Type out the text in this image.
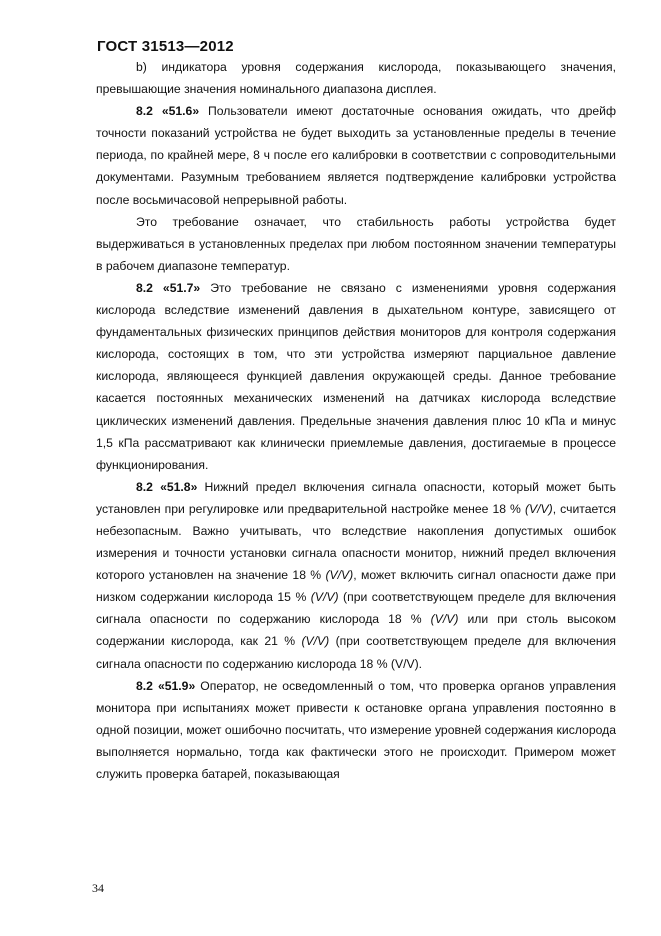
ГОСТ 31513—2012

b) индикатора уровня содержания кислорода, показывающего значения, превышающие значения номинального диапазона дисплея.

8.2 «51.6» Пользователи имеют достаточные основания ожидать, что дрейф точности показаний устройства не будет выходить за установленные пределы в течение периода, по крайней мере, 8 ч после его калибровки в соответствии с сопроводительными документами. Разумным требованием является подтверждение калибровки устройства после восьмичасовой непрерывной работы.

Это требование означает, что стабильность работы устройства будет выдерживаться в установленных пределах при любом постоянном значении температуры в рабочем диапазоне температур.

8.2 «51.7» Это требование не связано с изменениями уровня содержания кислорода вследствие изменений давления в дыхательном контуре, зависящего от фундаментальных физических принципов действия мониторов для контроля содержания кислорода, состоящих в том, что эти устройства измеряют парциальное давление кислорода, являющееся функцией давления окружающей среды. Данное требование касается постоянных механических изменений на датчиках кислорода вследствие циклических изменений давления. Предельные значения давления плюс 10 кПа и минус 1,5 кПа рассматривают как клинически приемлемые давления, достигаемые в процессе функционирования.

8.2 «51.8» Нижний предел включения сигнала опасности, который может быть установлен при регулировке или предварительной настройке менее 18 % (V/V), считается небезопасным. Важно учитывать, что вследствие накопления допустимых ошибок измерения и точности установки сигнала опасности монитор, нижний предел включения которого установлен на значение 18 % (V/V), может включить сигнал опасности даже при низком содержании кислорода 15 % (V/V) (при соответствующем пределе для включения сигнала опасности по содержанию кислорода 18 % (V/V) или при столь высоком содержании кислорода, как 21 % (V/V) (при соответствующем пределе для включения сигнала опасности по содержанию кислорода 18 % (V/V).

8.2 «51.9» Оператор, не осведомленный о том, что проверка органов управления монитора при испытаниях может привести к остановке органа управления постоянно в одной позиции, может ошибочно посчитать, что измерение уровней содержания кислорода выполняется нормально, тогда как фактически этого не происходит. Примером может служить проверка батарей, показывающая

34
